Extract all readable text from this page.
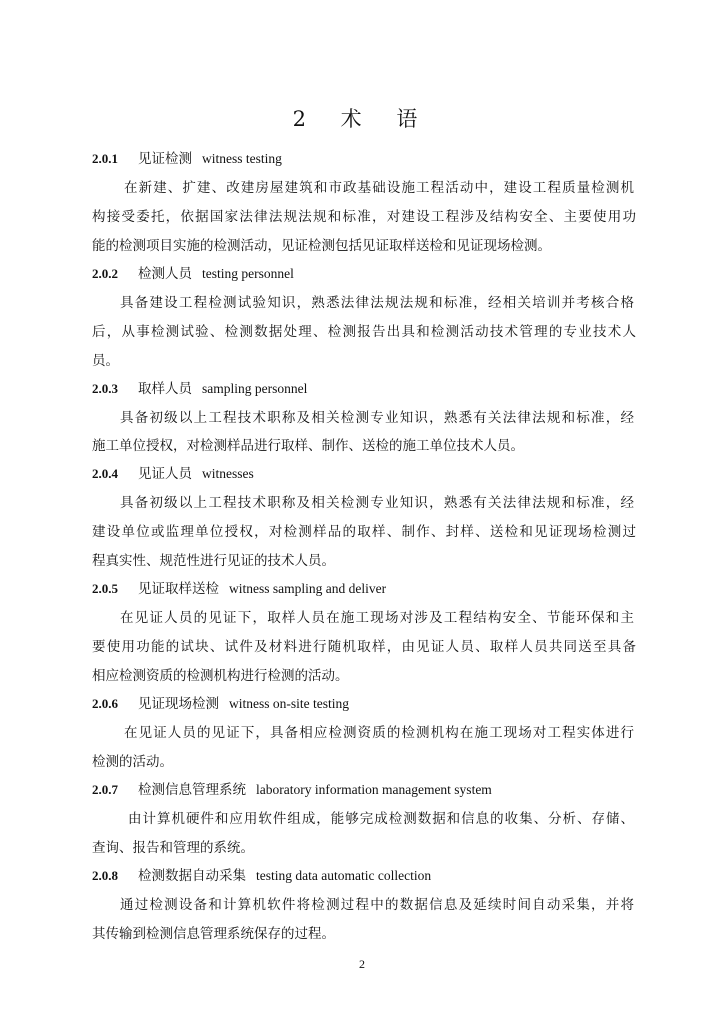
2 术 语
2.0.1 见证检测 witness testing
在新建、扩建、改建房屋建筑和市政基础设施工程活动中，建设工程质量检测机
构接受委托，依据国家法律法规法规和标准，对建设工程涉及结构安全、主要使用功
能的检测项目实施的检测活动，见证检测包括见证取样送检和见证现场检测。
2.0.2 检测人员 testing personnel
具备建设工程检测试验知识，熟悉法律法规法规和标准，经相关培训并考核合格
后，从事检测试验、检测数据处理、检测报告出具和检测活动技术管理的专业技术人
员。
2.0.3 取样人员 sampling personnel
具备初级以上工程技术职称及相关检测专业知识，熟悉有关法律法规和标准，经
施工单位授权，对检测样品进行取样、制作、送检的施工单位技术人员。
2.0.4 见证人员 witnesses
具备初级以上工程技术职称及相关检测专业知识，熟悉有关法律法规和标准，经
建设单位或监理单位授权，对检测样品的取样、制作、封样、送检和见证现场检测过
程真实性、规范性进行见证的技术人员。
2.0.5 见证取样送检 witness sampling and deliver
在见证人员的见证下，取样人员在施工现场对涉及工程结构安全、节能环保和主
要使用功能的试块、试件及材料进行随机取样，由见证人员、取样人员共同送至具备
相应检测资质的检测机构进行检测的活动。
2.0.6 见证现场检测 witness on-site testing
在见证人员的见证下，具备相应检测资质的检测机构在施工现场对工程实体进行
检测的活动。
2.0.7 检测信息管理系统 laboratory information management system
由计算机硬件和应用软件组成，能够完成检测数据和信息的收集、分析、存储、
查询、报告和管理的系统。
2.0.8 检测数据自动采集 testing data automatic collection
通过检测设备和计算机软件将检测过程中的数据信息及延续时间自动采集，并将
其传输到检测信息管理系统保存的过程。
2
